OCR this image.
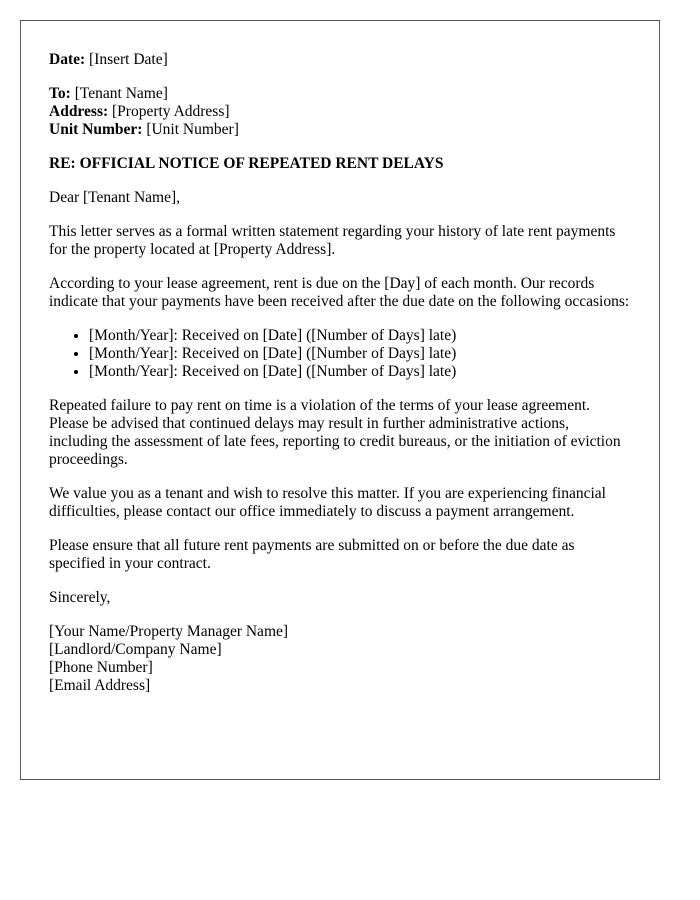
Date: [Insert Date]

To: [Tenant Name]
Address: [Property Address]
Unit Number: [Unit Number]

RE: OFFICIAL NOTICE OF REPEATED RENT DELAYS

Dear [Tenant Name],

This letter serves as a formal written statement regarding your history of late rent payments for the property located at [Property Address].

According to your lease agreement, rent is due on the [Day] of each month. Our records indicate that your payments have been received after the due date on the following occasions:

• [Month/Year]: Received on [Date] ([Number of Days] late)
• [Month/Year]: Received on [Date] ([Number of Days] late)
• [Month/Year]: Received on [Date] ([Number of Days] late)

Repeated failure to pay rent on time is a violation of the terms of your lease agreement. Please be advised that continued delays may result in further administrative actions, including the assessment of late fees, reporting to credit bureaus, or the initiation of eviction proceedings.

We value you as a tenant and wish to resolve this matter. If you are experiencing financial difficulties, please contact our office immediately to discuss a payment arrangement.

Please ensure that all future rent payments are submitted on or before the due date as specified in your contract.

Sincerely,

[Your Name/Property Manager Name]

[Landlord/Company Name]

[Phone Number]

[Email Address]
